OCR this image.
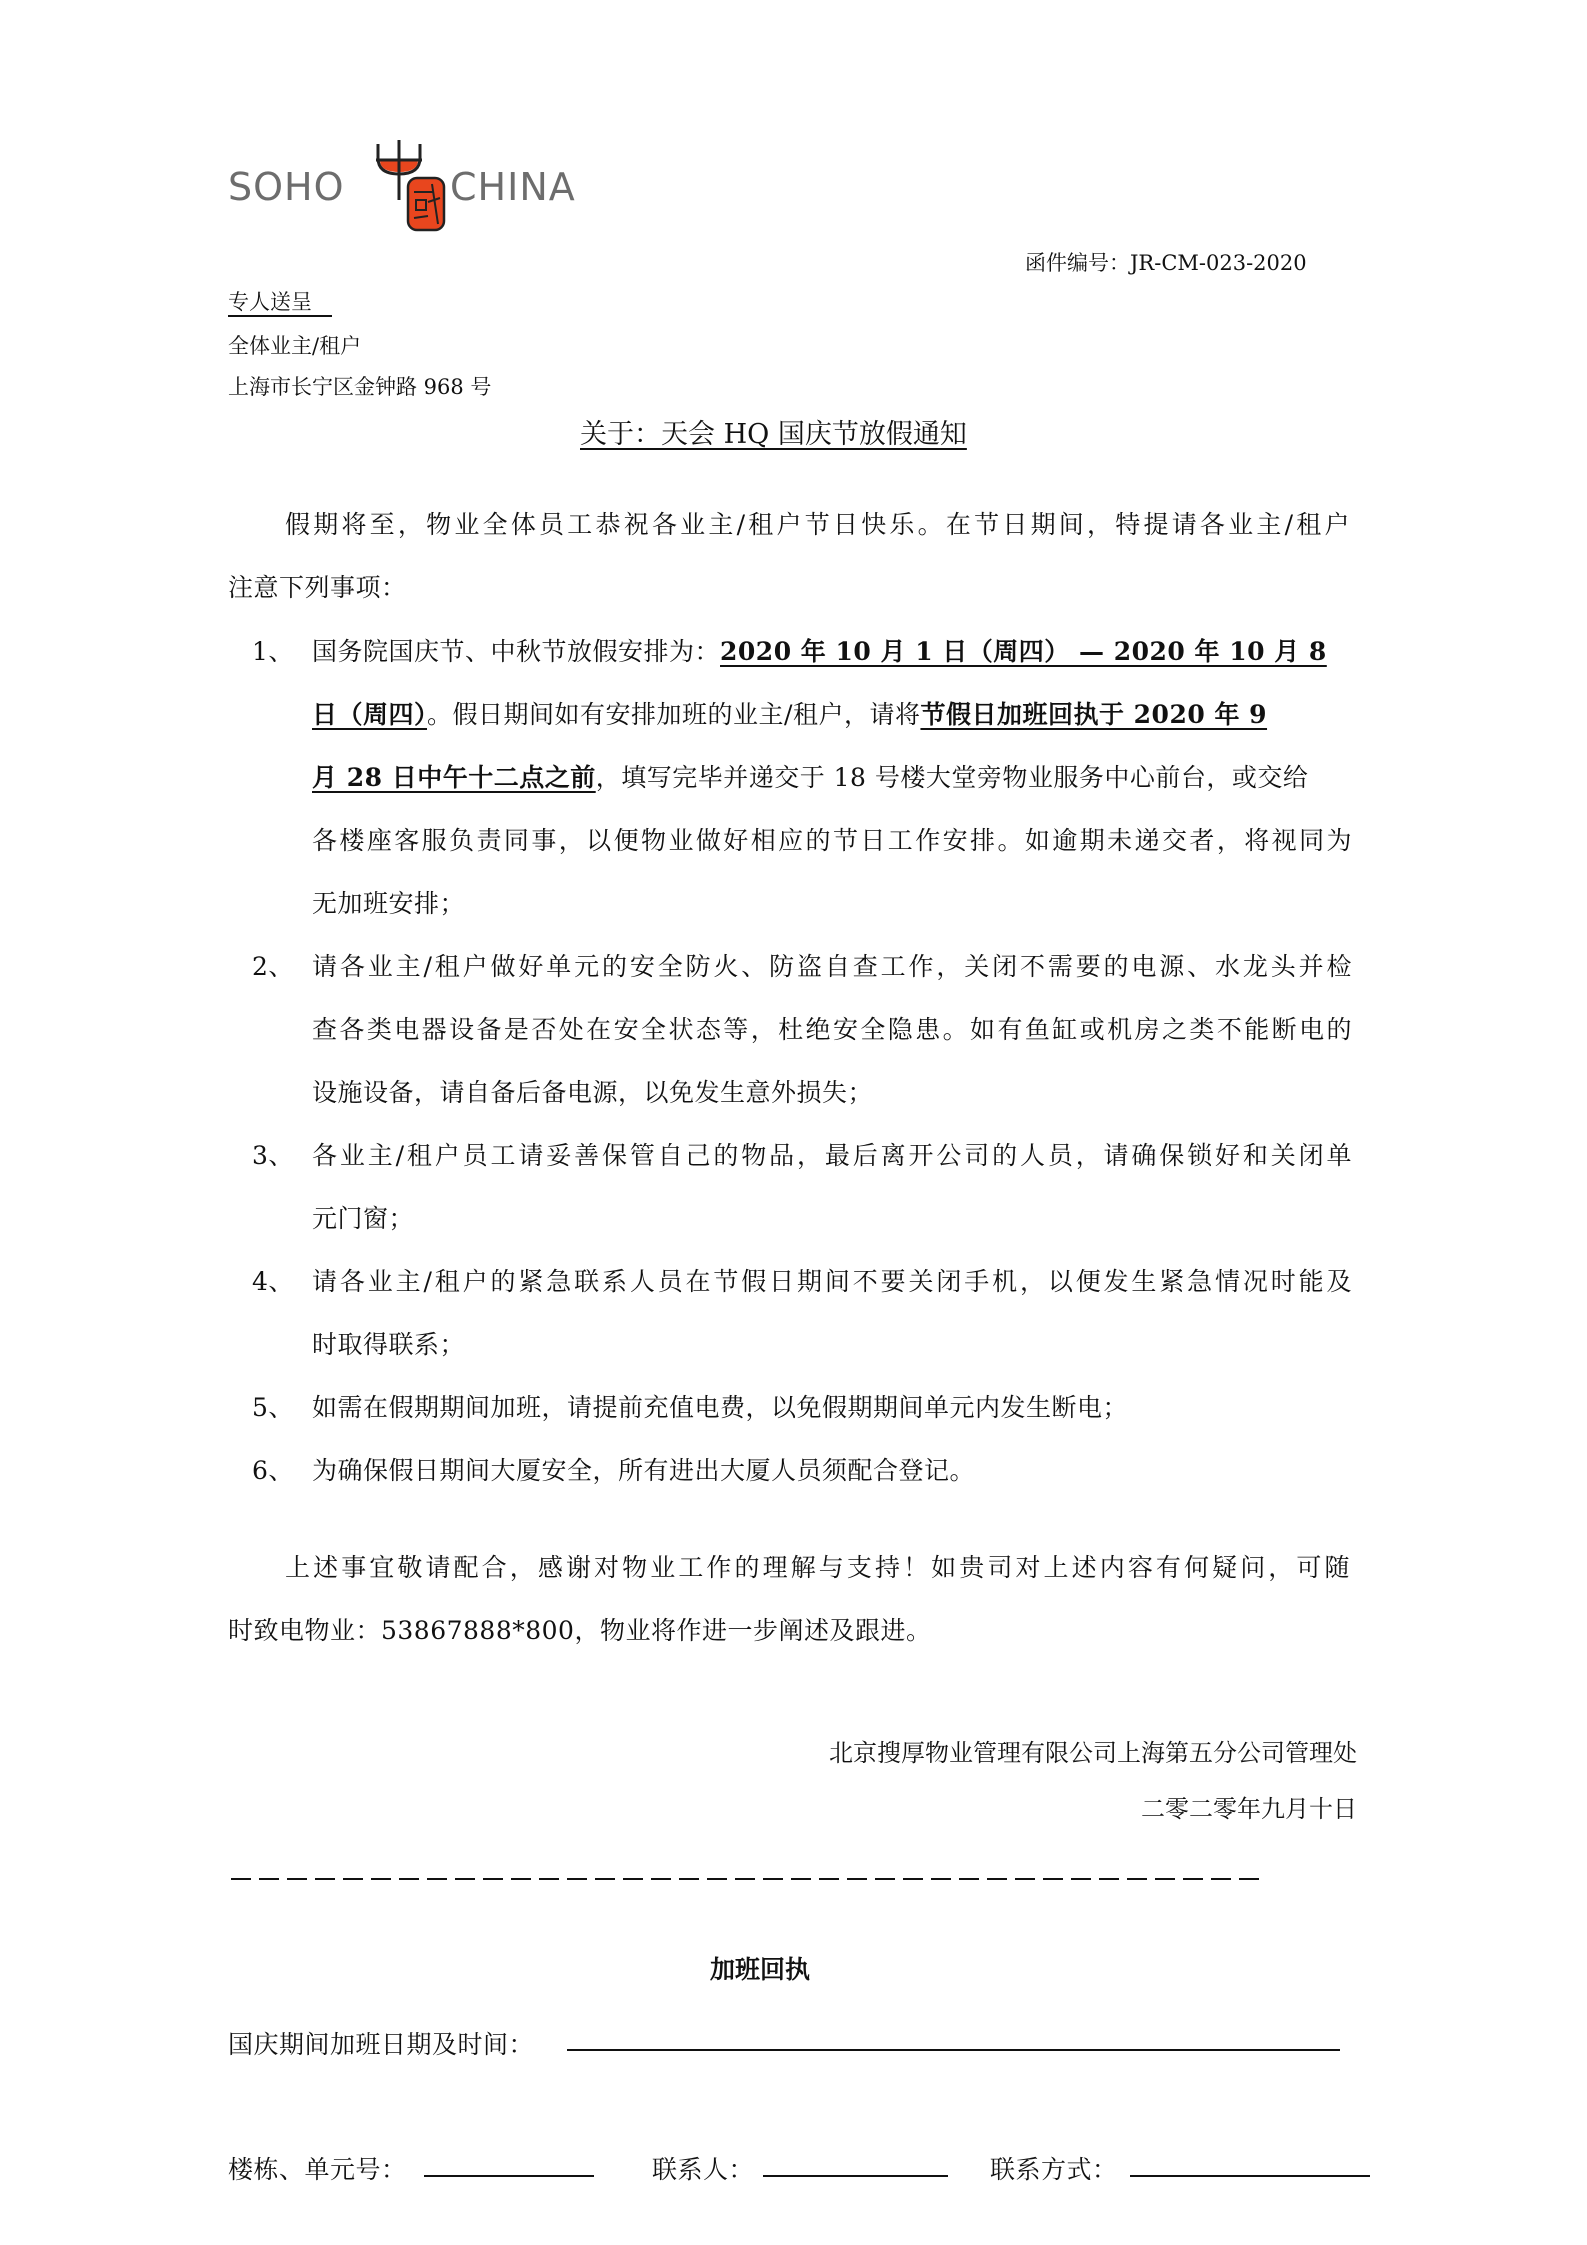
SOHO	CHINA
函件编号：JR-CM-023-2020
专人送呈
全体业主/租户
上海市长宁区金钟路 968 号
关于：天会 HQ 国庆节放假通知
假期将至，物业全体员工恭祝各业主/租户节日快乐。在节日期间，特提请各业主/租户
注意下列事项：
1、 国务院国庆节、中秋节放假安排为：2020 年 10 月 1 日（周四） — 2020 年 10 月 8
日（周四）。假日期间如有安排加班的业主/租户，请将节假日加班回执于 2020 年 9
月 28 日中午十二点之前，填写完毕并递交于 18 号楼大堂旁物业服务中心前台，或交给
各楼座客服负责同事，以便物业做好相应的节日工作安排。如逾期未递交者，将视同为
无加班安排；
2、 请各业主/租户做好单元的安全防火、防盗自查工作，关闭不需要的电源、水龙头并检
查各类电器设备是否处在安全状态等，杜绝安全隐患。如有鱼缸或机房之类不能断电的
设施设备，请自备后备电源，以免发生意外损失；
3、 各业主/租户员工请妥善保管自己的物品，最后离开公司的人员，请确保锁好和关闭单
元门窗；
4、 请各业主/租户的紧急联系人员在节假日期间不要关闭手机，以便发生紧急情况时能及
时取得联系；
5、 如需在假期期间加班，请提前充值电费，以免假期期间单元内发生断电；
6、 为确保假日期间大厦安全，所有进出大厦人员须配合登记。
上述事宜敬请配合，感谢对物业工作的理解与支持！如贵司对上述内容有何疑问，可随
时致电物业：53867888*800，物业将作进一步阐述及跟进。
北京搜厚物业管理有限公司上海第五分公司管理处
二零二零年九月十日
加班回执
国庆期间加班日期及时间：
楼栋、单元号：	联系人：	联系方式：
